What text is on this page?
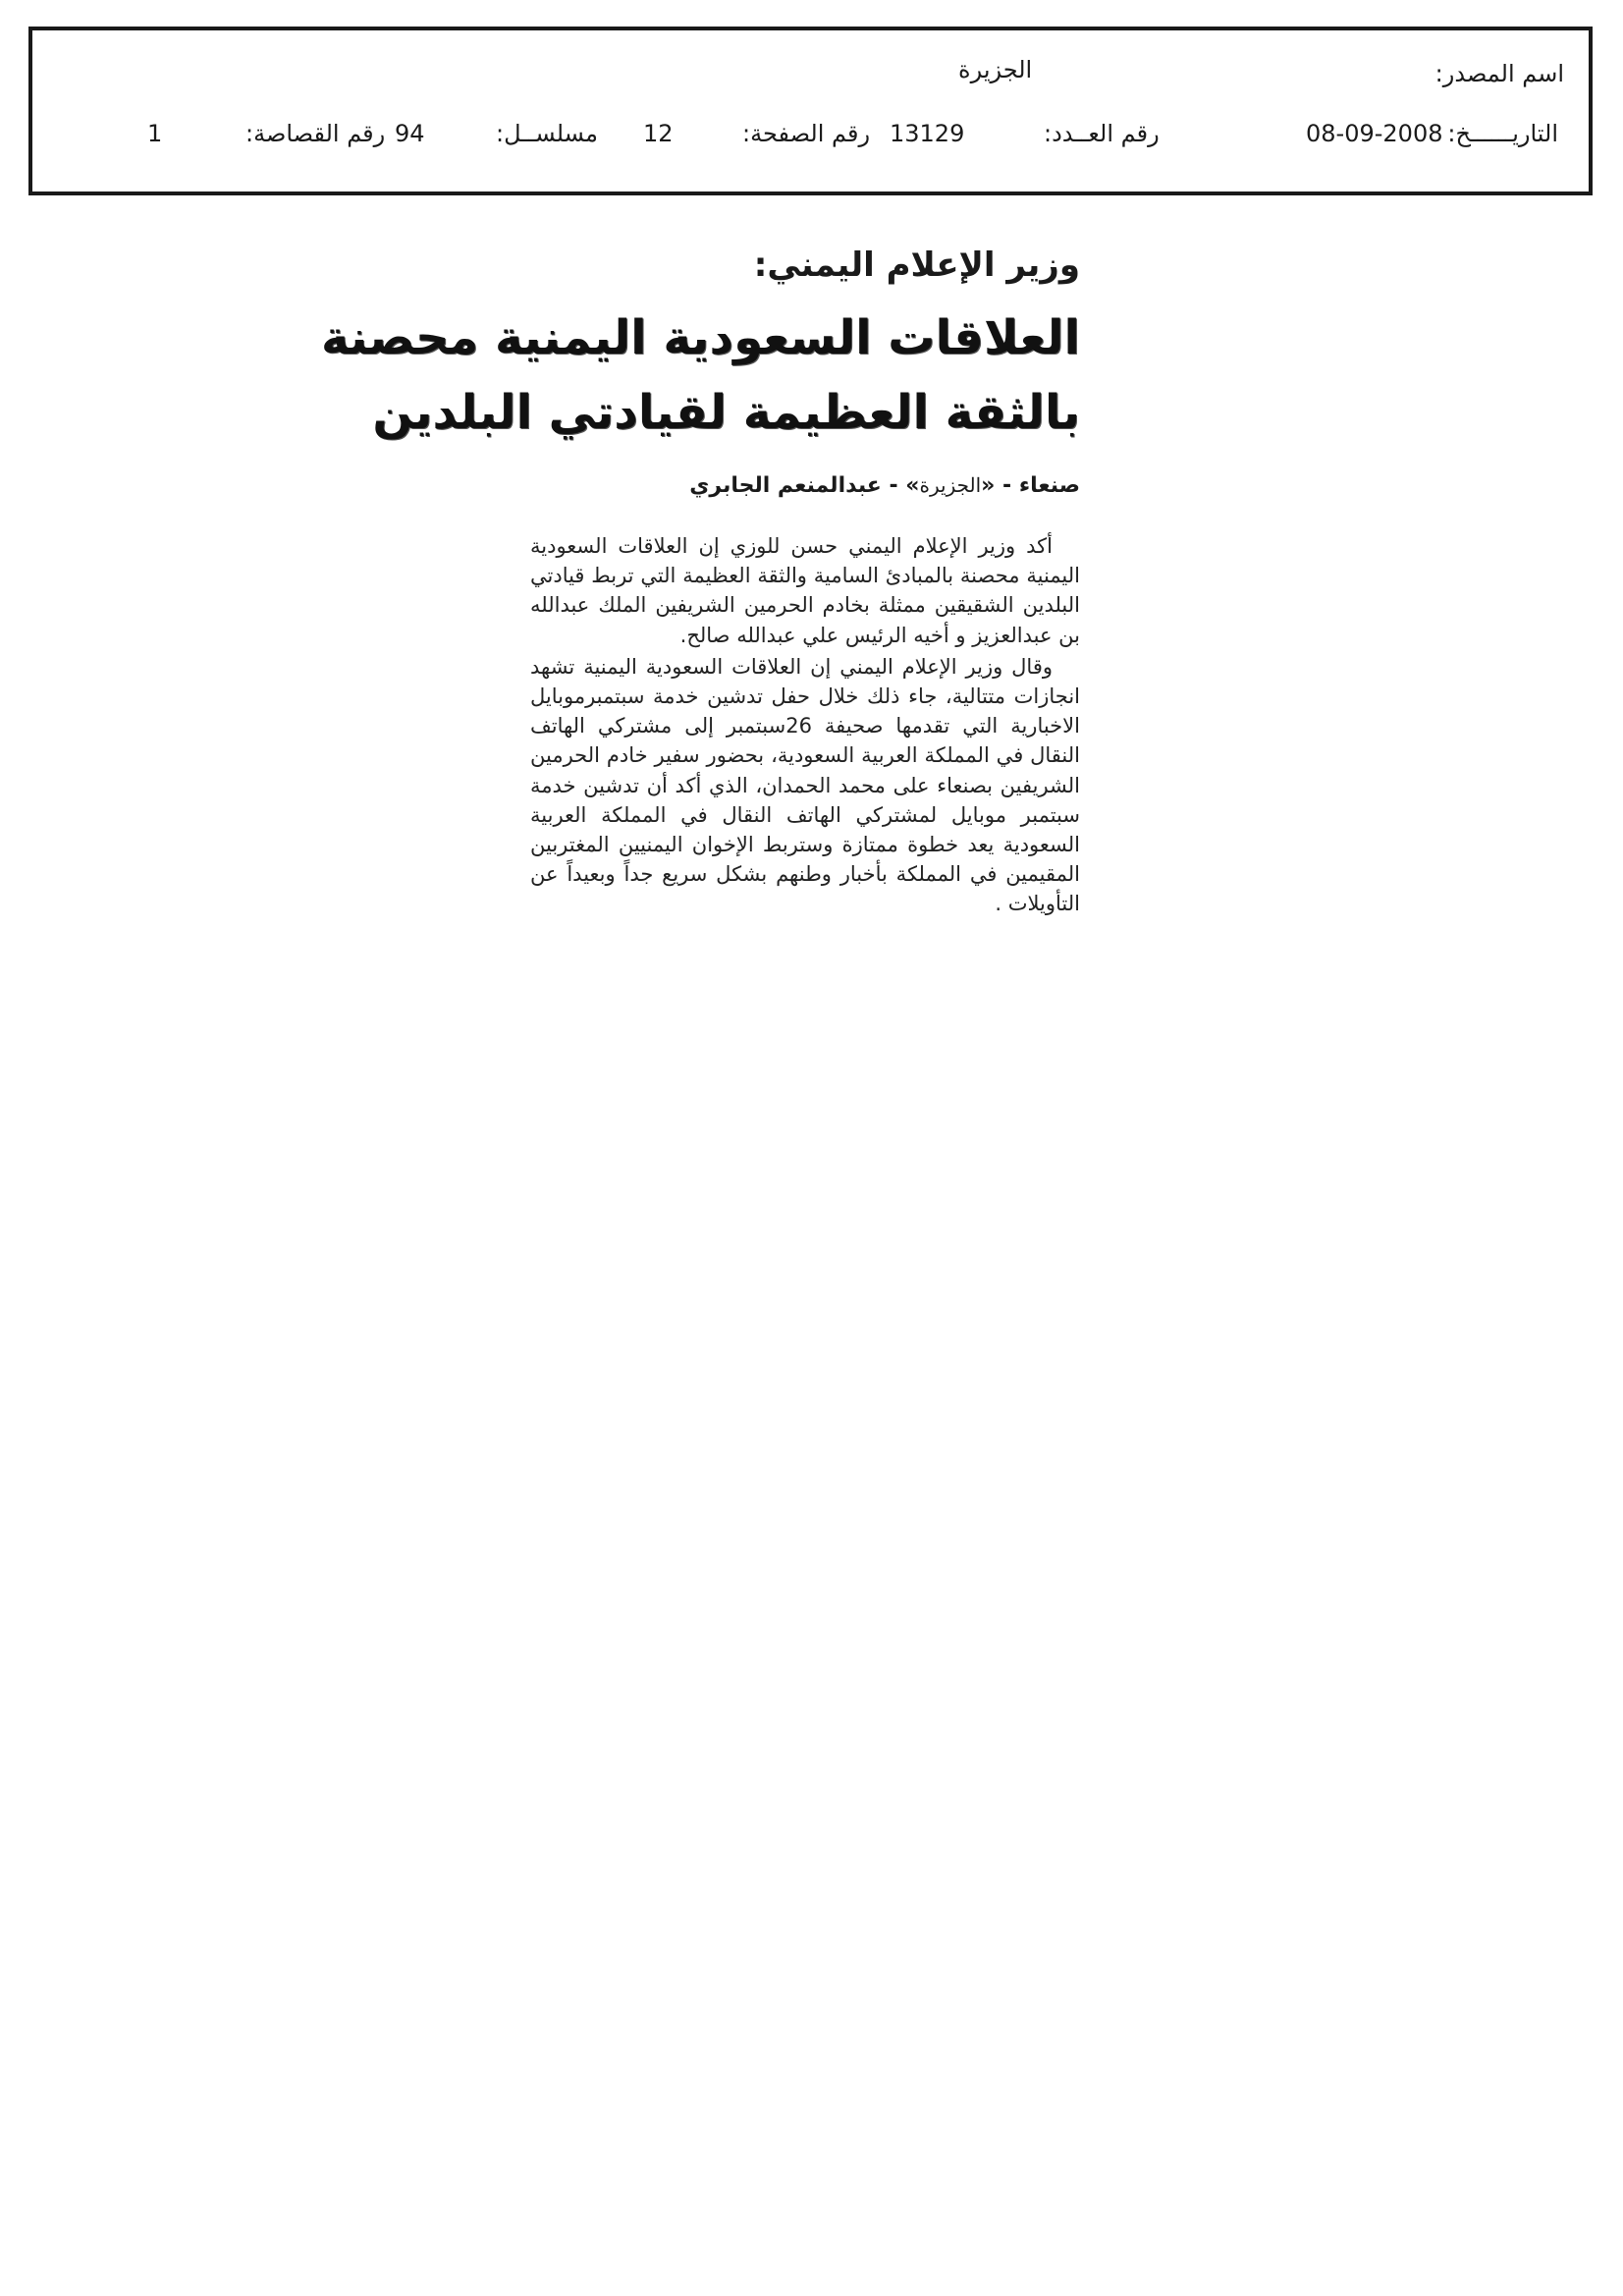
اسم المصدر:
الجزيرة
التاريــــــخ:
08-09-2008
رقم العــدد:
13129
رقم الصفحة:
12
مسلســل:
94
رقم القصاصة:
1
وزير الإعلام اليمني:
العلاقات السعودية اليمنية محصنة
بالثقة العظيمة لقيادتي البلدين
صنعاء - «الجزيرة» - عبدالمنعم الجابري

أكد وزير الإعلام اليمني حسن للوزي إن العلاقات السعودية اليمنية محصنة بالمبادئ السامية والثقة العظيمة التي تربط قيادتي البلدين الشقيقين ممثلة بخادم الحرمين الشريفين الملك عبدالله بن عبدالعزيز و أخيه الرئيس علي عبدالله صالح.

وقال وزير الإعلام اليمني إن العلاقات السعودية اليمنية تشهد انجازات متتالية، جاء ذلك خلال حفل تدشين خدمة سبتمبرموبايل الاخبارية التي تقدمها صحيفة 26سبتمبر إلى مشتركي الهاتف النقال في المملكة العربية السعودية، بحضور سفير خادم الحرمين الشريفين بصنعاء على محمد الحمدان، الذي أكد أن تدشين خدمة سبتمبر موبايل لمشتركي الهاتف النقال في المملكة العربية السعودية يعد خطوة ممتازة وستربط الإخوان اليمنيين المغتربين المقيمين في المملكة بأخبار وطنهم بشكل سريع جداً وبعيداً عن التأويلات .
